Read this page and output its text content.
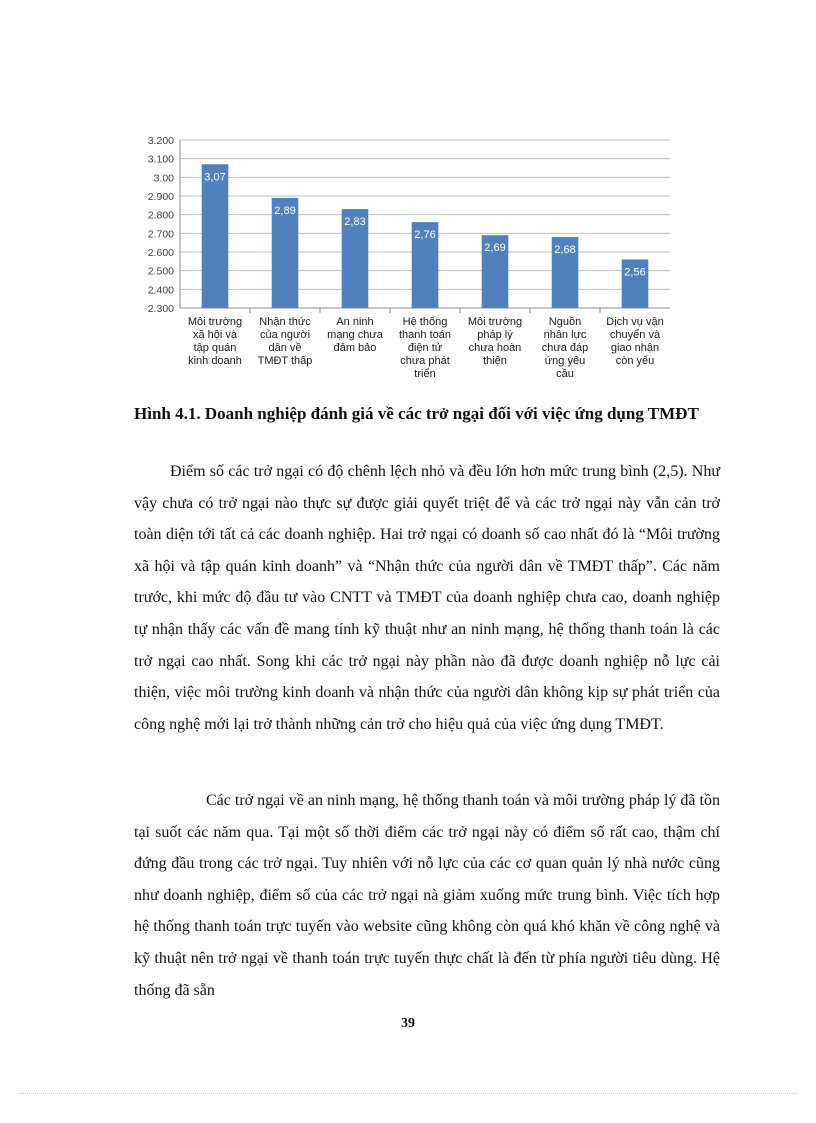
2.300
2.400
2.500
2.600
2.700
2.800
2.900
3.00
3.100
3.200
3,07
Môi trường xã hội và tập quán kinh doanh
2,89
Nhận thức của người dân về TMĐT thấp
2,83
An ninh mạng chưa đảm bảo
2,76
Hệ thống thanh toán điện tử chưa phát triển
2,69
Môi trường pháp lý chưa hoàn thiện
2,68
Nguồn nhân lực chưa đáp ứng yêu cầu
2,56
Dịch vụ vận chuyển và giao nhận còn yếu
Hình 4.1. Doanh nghiệp đánh giá về các trở ngại đối với việc ứng dụng TMĐT
Điểm số các trở ngại có độ chênh lệch nhỏ và đều lớn hơn mức trung bình (2,5). Như vậy chưa có trở ngại nào thực sự được giải quyết triệt để và các trở ngại này vẫn cản trở toàn diện tới tất cả các doanh nghiệp. Hai trở ngại có doanh số cao nhất đó là “Môi trường xã hội và tập quán kinh doanh” và “Nhận thức của người dân về TMĐT thấp”. Các năm trước, khi mức độ đầu tư vào CNTT và TMĐT của doanh nghiệp chưa cao, doanh nghiệp tự nhận thấy các vấn đề mang tính kỹ thuật như an ninh mạng, hệ thống thanh toán là các trở ngại cao nhất. Song khi các trở ngại này phần nào đã được doanh nghiệp nỗ lực cải thiện, việc môi trường kinh doanh và nhận thức của người dân không kịp sự phát triển của công nghệ mới lại trở thành những cản trở cho hiệu quả của việc ứng dụng TMĐT.
Các trở ngại về an ninh mạng, hệ thống thanh toán và môi trường pháp lý đã tồn tại suốt các năm qua. Tại một số thời điểm các trở ngại này có điểm số rất cao, thậm chí đứng đầu trong các trở ngại. Tuy nhiên với nỗ lực của các cơ quan quản lý nhà nước cũng như doanh nghiệp, điểm số của các trở ngại nà giảm xuống mức trung bình. Việc tích hợp hệ thống thanh toán trực tuyến vào website cũng không còn quá khó khăn về công nghệ và kỹ thuật nên trở ngại về thanh toán trực tuyến thực chất là đến từ phía người tiêu dùng. Hệ thống đã sẵn
39
